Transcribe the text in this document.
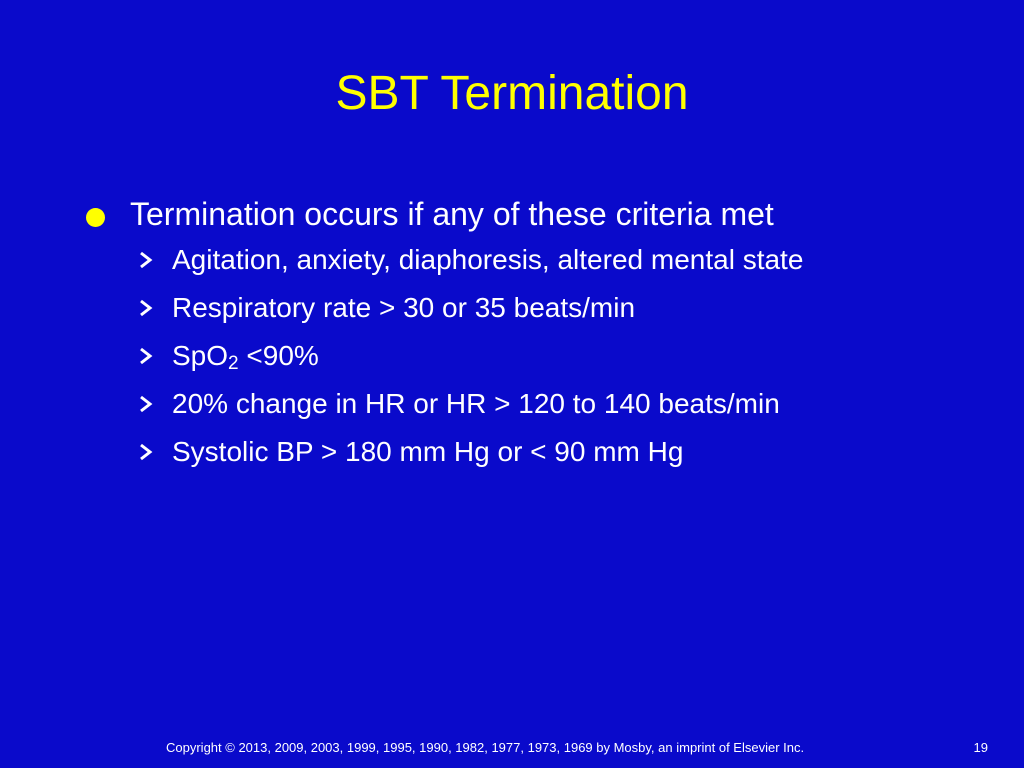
SBT Termination
Termination occurs if any of these criteria met
Agitation, anxiety, diaphoresis, altered mental state
Respiratory rate > 30 or 35 beats/min
SpO$_2$ <90%
20% change in HR or HR > 120 to 140 beats/min
Systolic BP > 180 mm Hg or < 90 mm Hg
Copyright © 2013, 2009, 2003, 1999, 1995, 1990, 1982, 1977, 1973, 1969 by Mosby, an imprint of Elsevier Inc.	19
